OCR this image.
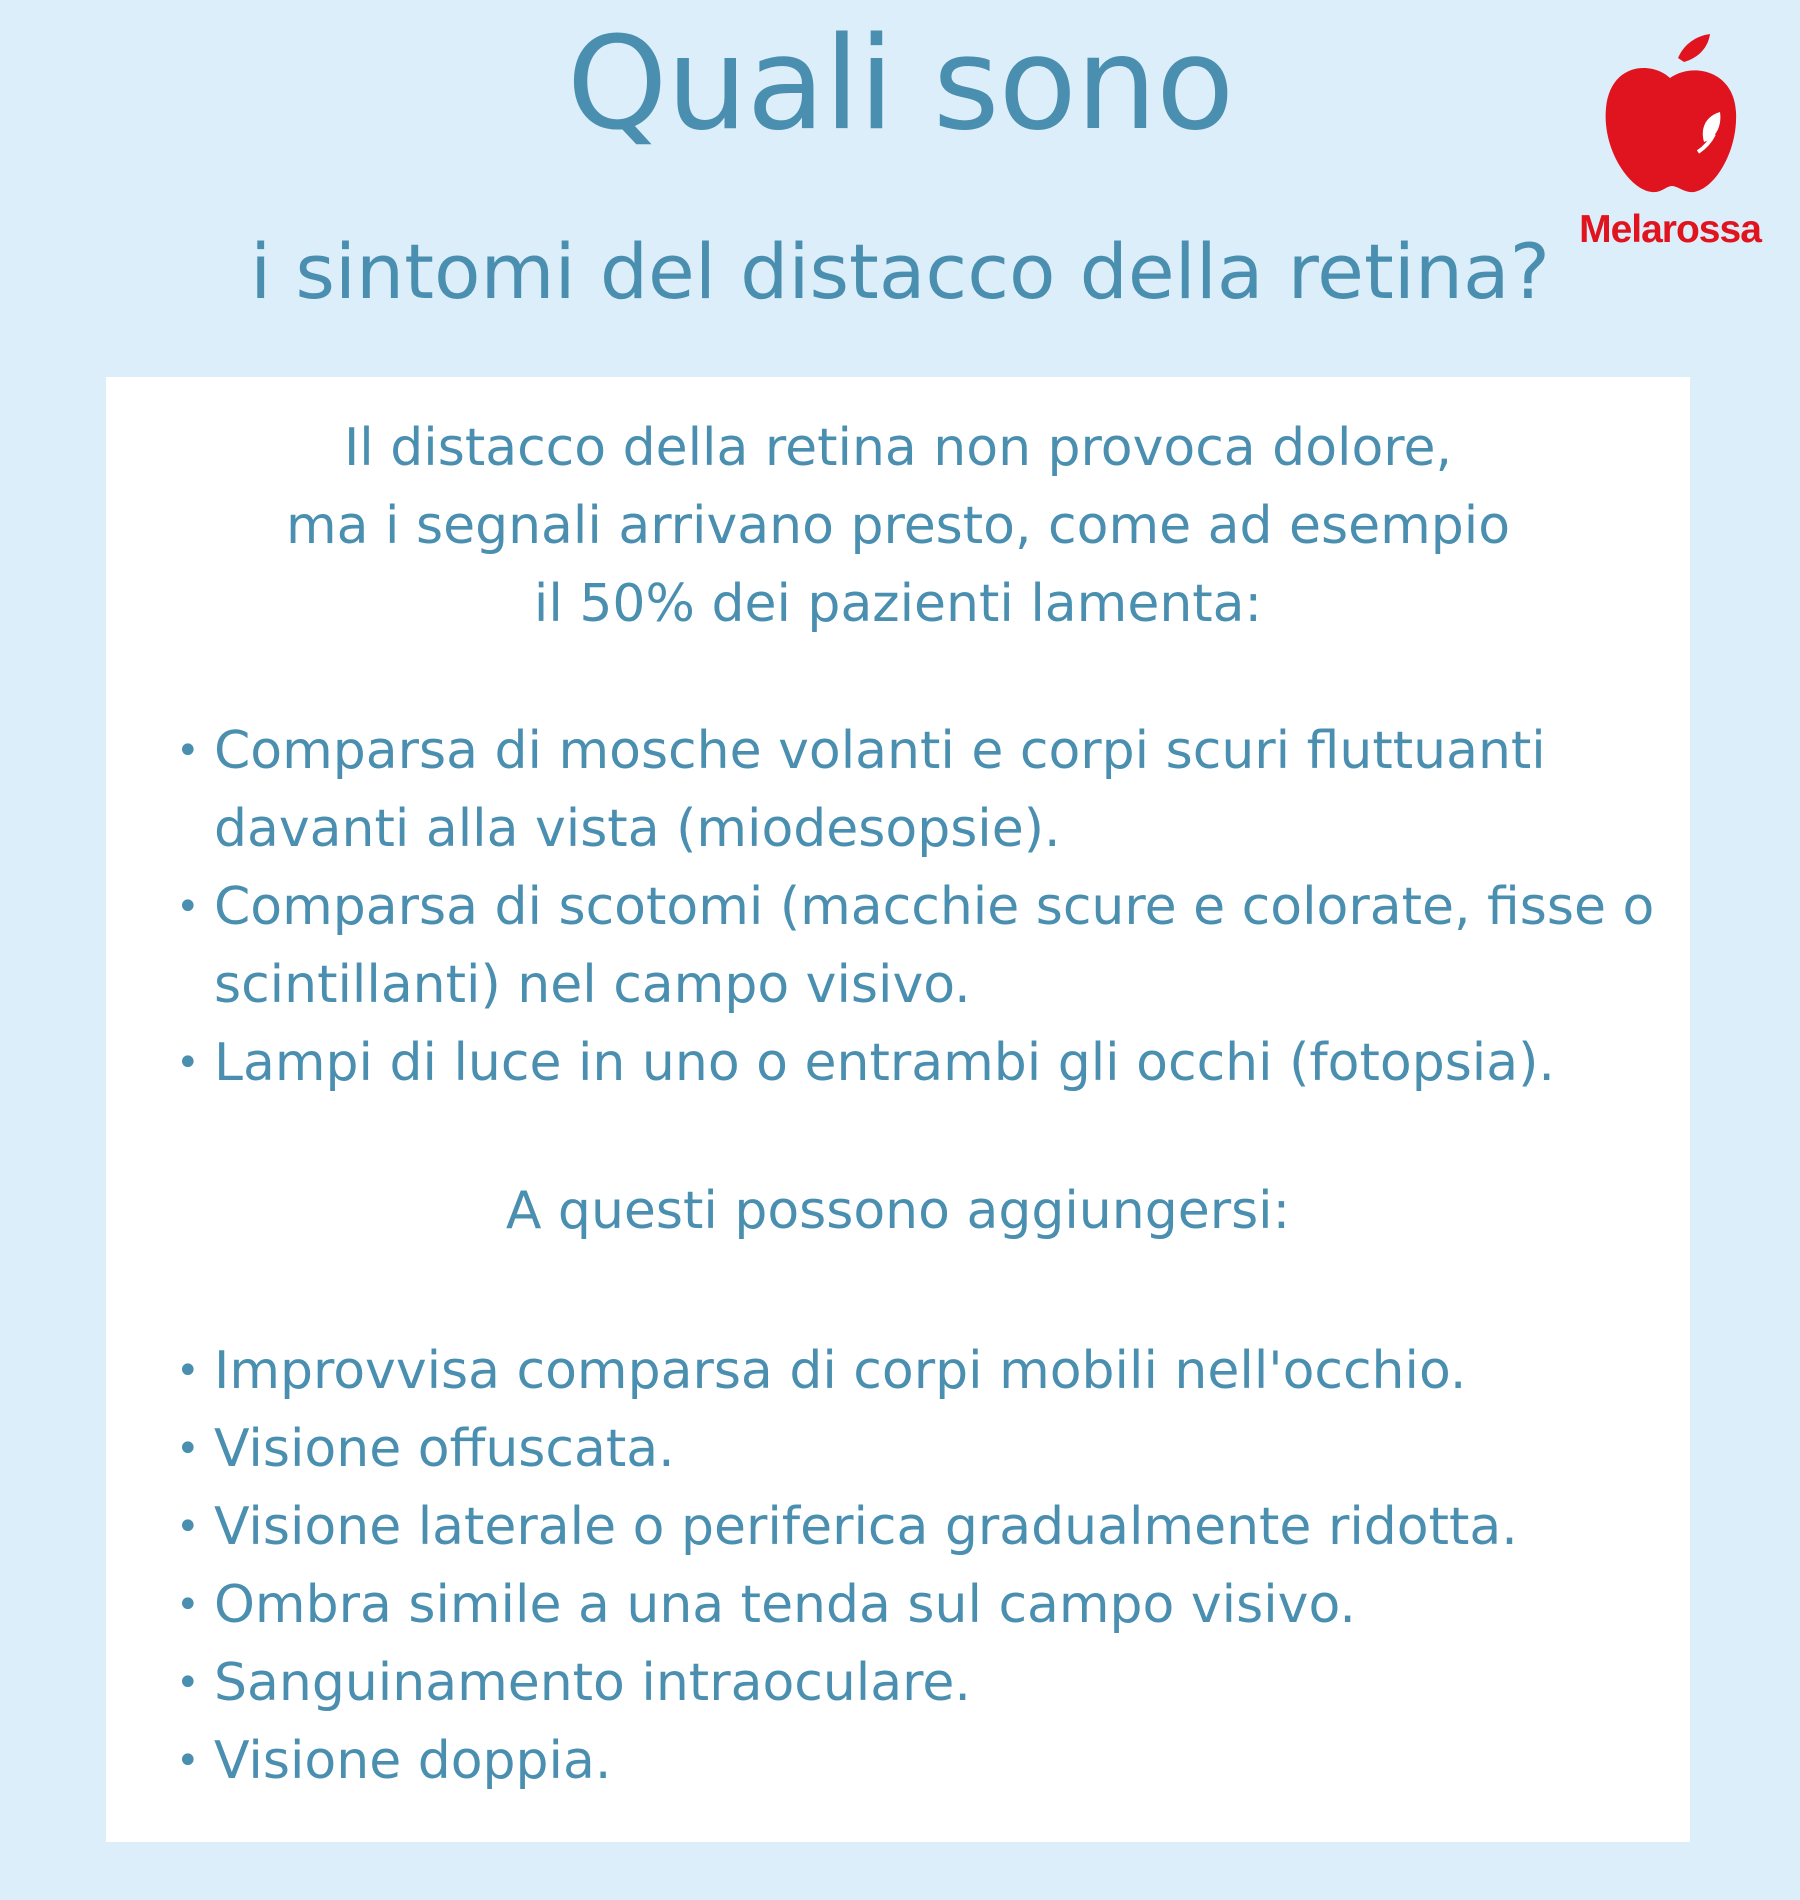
Quali sono
i sintomi del distacco della retina? Melarossa
Il distacco della retina non provoca dolore,
ma i segnali arrivano presto, come ad esempio
il 50% dei pazienti lamenta:
• Comparsa di mosche volanti e corpi scuri fluttuanti davanti alla vista (miodesopsie).
• Comparsa di scotomi (macchie scure e colorate, fisse o scintillanti) nel campo visivo.
• Lampi di luce in uno o entrambi gli occhi (fotopsia).
A questi possono aggiungersi:
• Improvvisa comparsa di corpi mobili nell'occhio.
• Visione offuscata.
• Visione laterale o periferica gradualmente ridotta.
• Ombra simile a una tenda sul campo visivo.
• Sanguinamento intraoculare.
• Visione doppia.
